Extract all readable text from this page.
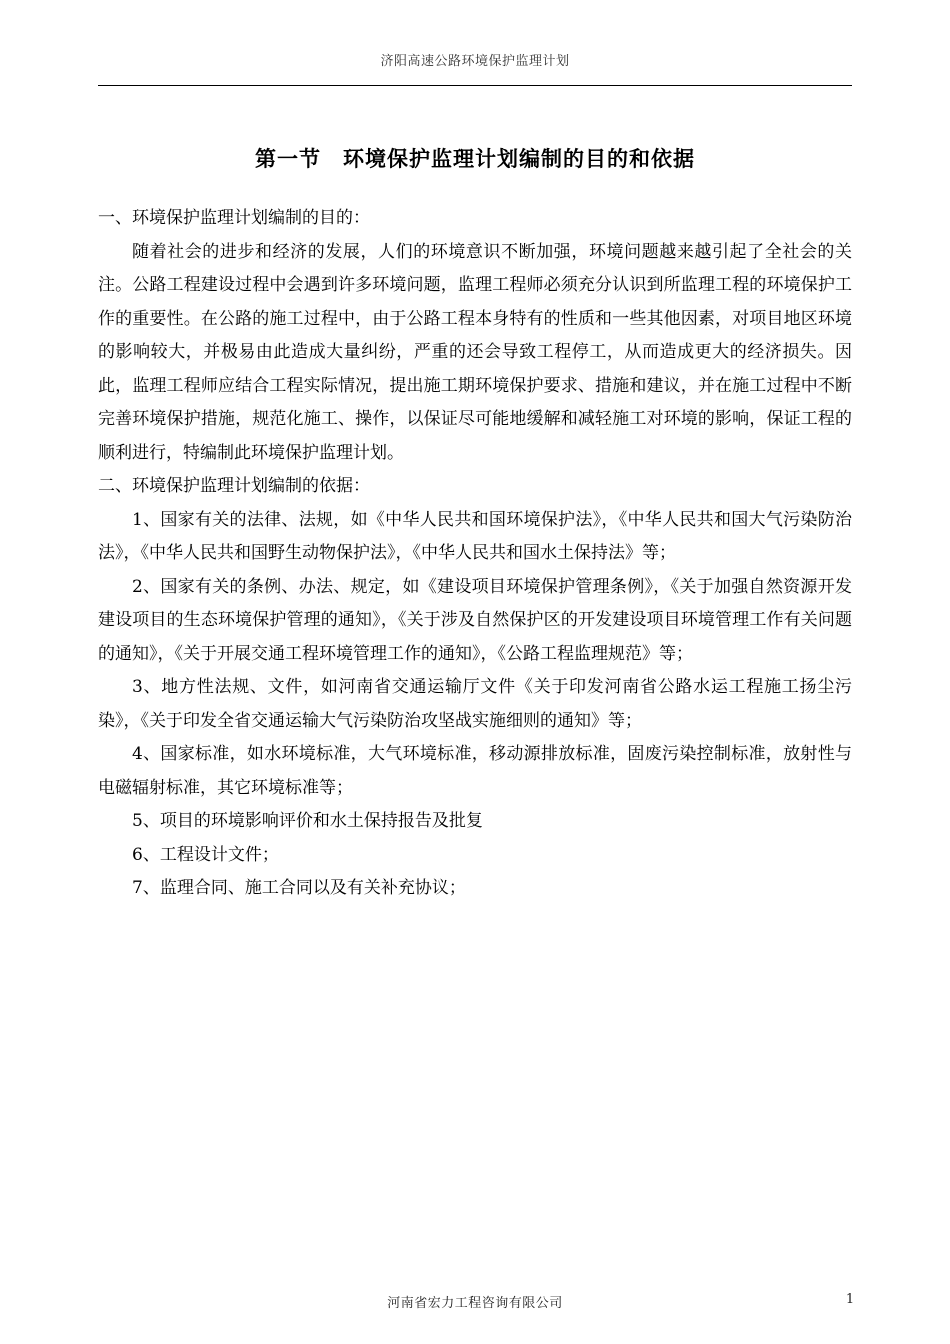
济阳高速公路环境保护监理计划
第一节　环境保护监理计划编制的目的和依据

一、环境保护监理计划编制的目的：

随着社会的进步和经济的发展，人们的环境意识不断加强，环境问题越来越引起了全社会的关注。公路工程建设过程中会遇到许多环境问题，监理工程师必须充分认识到所监理工程的环境保护工作的重要性。在公路的施工过程中，由于公路工程本身特有的性质和一些其他因素，对项目地区环境的影响较大，并极易由此造成大量纠纷，严重的还会导致工程停工，从而造成更大的经济损失。因此，监理工程师应结合工程实际情况，提出施工期环境保护要求、措施和建议，并在施工过程中不断完善环境保护措施，规范化施工、操作，以保证尽可能地缓解和减轻施工对环境的影响，保证工程的顺利进行，特编制此环境保护监理计划。

二、环境保护监理计划编制的依据：

1、国家有关的法律、法规，如《中华人民共和国环境保护法》，《中华人民共和国大气污染防治法》，《中华人民共和国野生动物保护法》，《中华人民共和国水土保持法》等；

2、国家有关的条例、办法、规定，如《建设项目环境保护管理条例》，《关于加强自然资源开发建设项目的生态环境保护管理的通知》，《关于涉及自然保护区的开发建设项目环境管理工作有关问题的通知》，《关于开展交通工程环境管理工作的通知》，《公路工程监理规范》等；

3、地方性法规、文件，如河南省交通运输厅文件《关于印发河南省公路水运工程施工扬尘污染》，《关于印发全省交通运输大气污染防治攻坚战实施细则的通知》等；

4、国家标准，如水环境标准，大气环境标准，移动源排放标准，固废污染控制标准，放射性与电磁辐射标准，其它环境标准等；

5、项目的环境影响评价和水土保持报告及批复

6、工程设计文件；

7、监理合同、施工合同以及有关补充协议；

河南省宏力工程咨询有限公司	1
